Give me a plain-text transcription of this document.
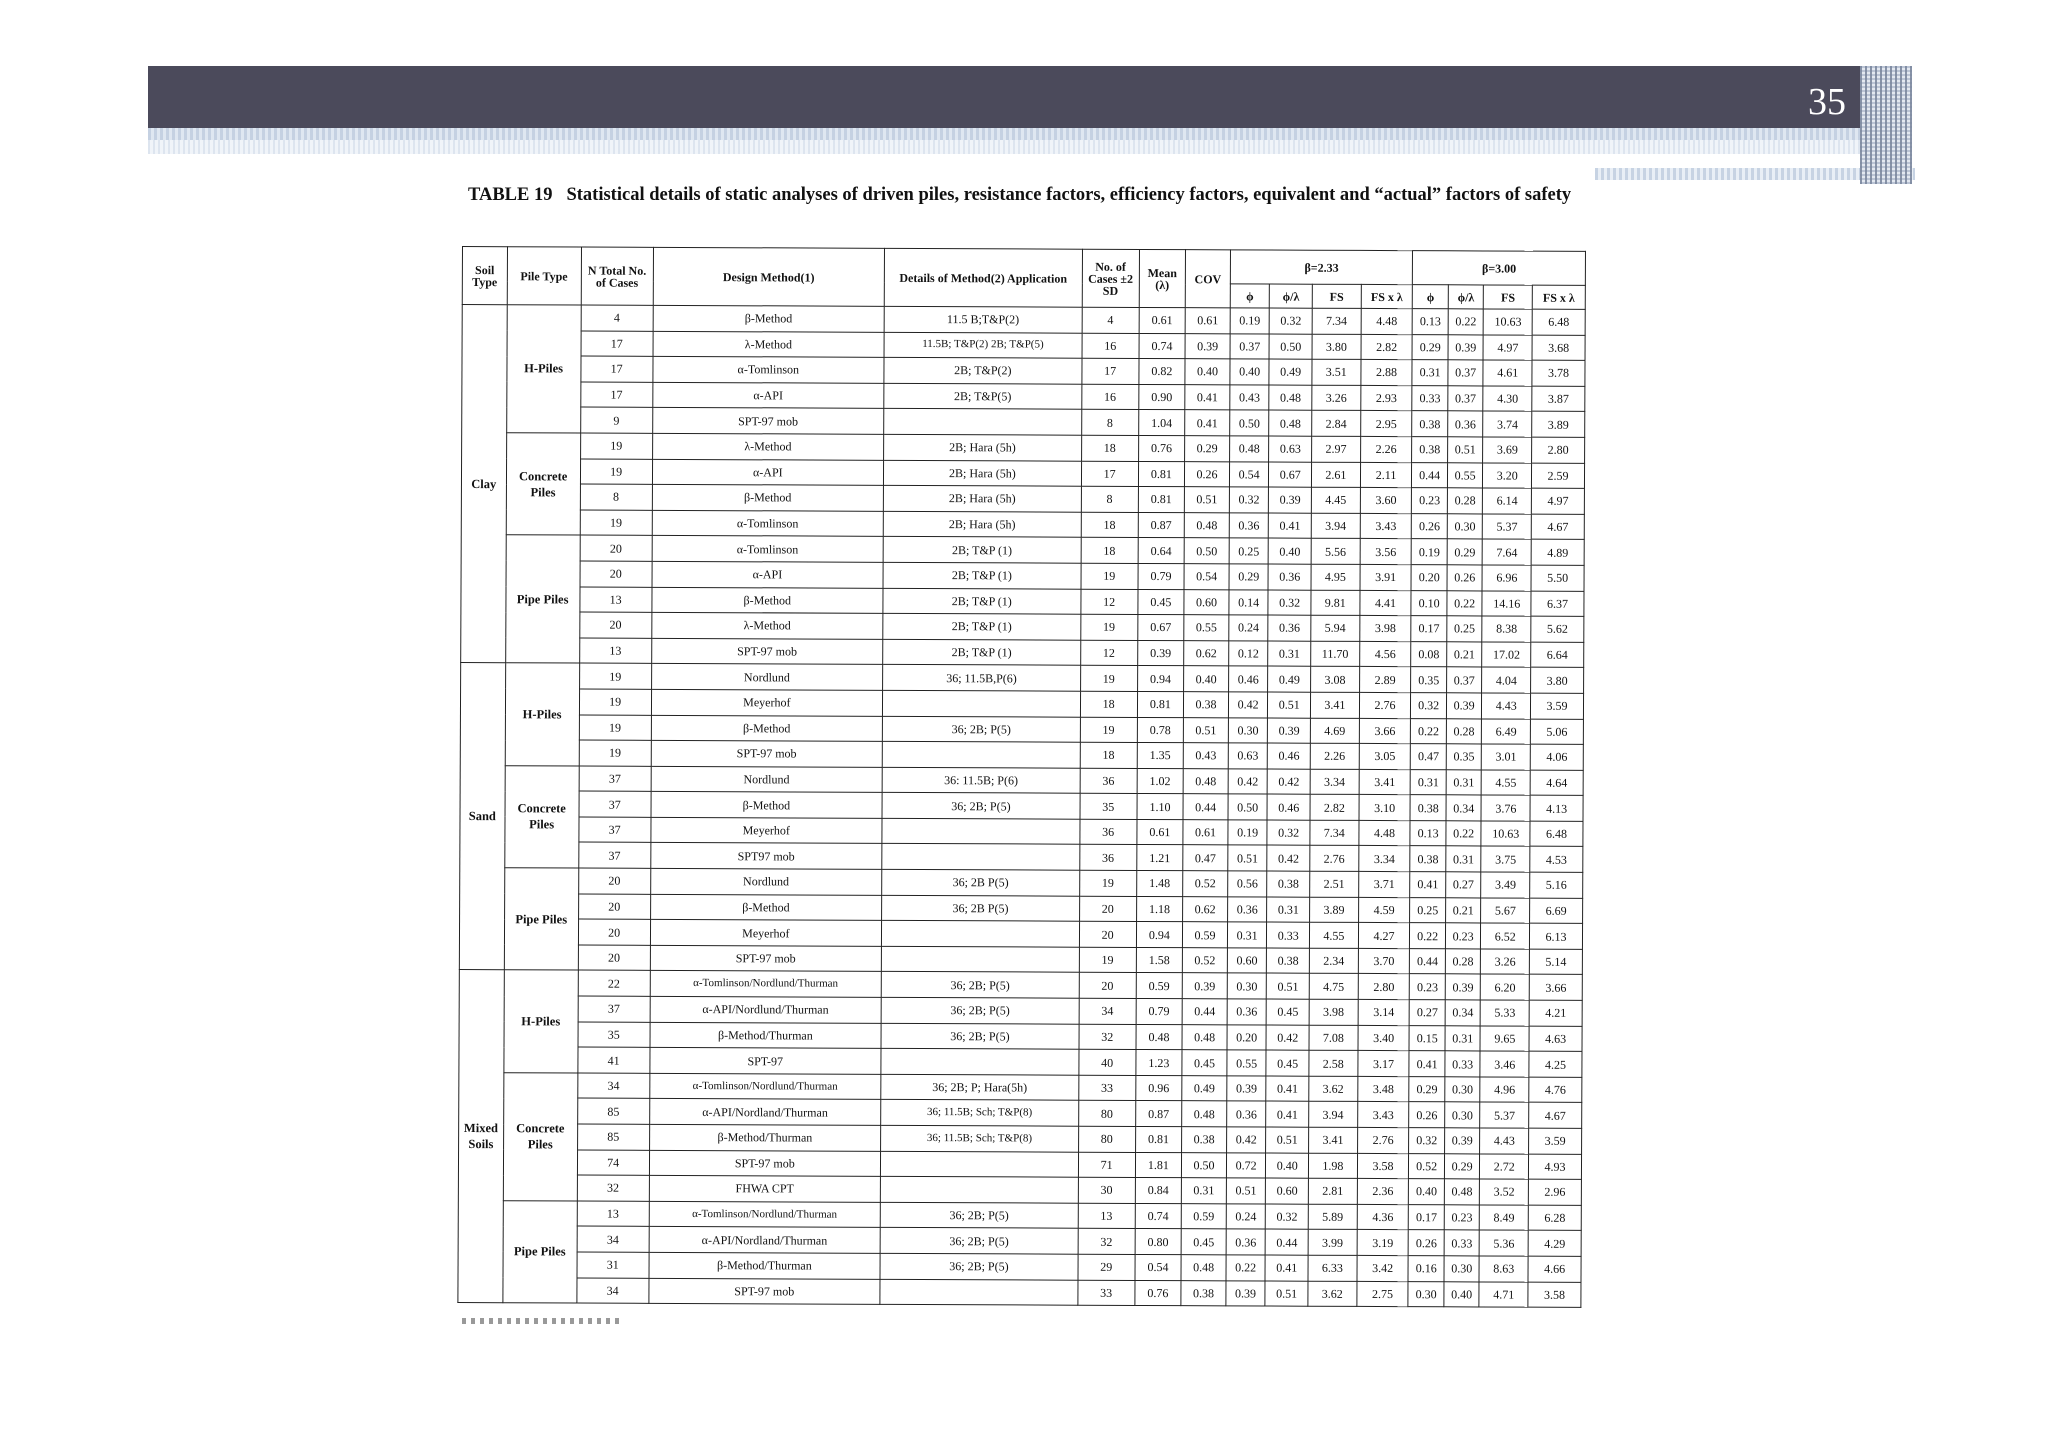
35
TABLE 19 Statistical details of static analyses of driven piles, resistance factors, efficiency factors, equivalent and “actual” factors of safety
Soil Type	Pile Type	N Total No. of Cases	Design Method(1)	Details of Method(2) Application	No. of Cases ±2 SD	Mean (λ)	COV	β=2.33				β=3.00			
								ϕ	ϕ/λ	FS	FS x λ	ϕ	ϕ/λ	FS	FS x λ
Clay	H-Piles	4	β-Method	11.5 B;T&P(2)	4	0.61	0.61	0.19	0.32	7.34	4.48	0.13	0.22	10.63	6.48
		17	λ-Method	11.5B; T&P(2) 2B; T&P(5)	16	0.74	0.39	0.37	0.50	3.80	2.82	0.29	0.39	4.97	3.68
		17	α-Tomlinson	2B; T&P(2)	17	0.82	0.40	0.40	0.49	3.51	2.88	0.31	0.37	4.61	3.78
		17	α-API	2B; T&P(5)	16	0.90	0.41	0.43	0.48	3.26	2.93	0.33	0.37	4.30	3.87
		9	SPT-97 mob		8	1.04	0.41	0.50	0.48	2.84	2.95	0.38	0.36	3.74	3.89
	Concrete Piles	19	λ-Method	2B; Hara (5h)	18	0.76	0.29	0.48	0.63	2.97	2.26	0.38	0.51	3.69	2.80
		19	α-API	2B; Hara (5h)	17	0.81	0.26	0.54	0.67	2.61	2.11	0.44	0.55	3.20	2.59
		8	β-Method	2B; Hara (5h)	8	0.81	0.51	0.32	0.39	4.45	3.60	0.23	0.28	6.14	4.97
		19	α-Tomlinson	2B; Hara (5h)	18	0.87	0.48	0.36	0.41	3.94	3.43	0.26	0.30	5.37	4.67
	Pipe Piles	20	α-Tomlinson	2B; T&P (1)	18	0.64	0.50	0.25	0.40	5.56	3.56	0.19	0.29	7.64	4.89
		20	α-API	2B; T&P (1)	19	0.79	0.54	0.29	0.36	4.95	3.91	0.20	0.26	6.96	5.50
		13	β-Method	2B; T&P (1)	12	0.45	0.60	0.14	0.32	9.81	4.41	0.10	0.22	14.16	6.37
		20	λ-Method	2B; T&P (1)	19	0.67	0.55	0.24	0.36	5.94	3.98	0.17	0.25	8.38	5.62
		13	SPT-97 mob	2B; T&P (1)	12	0.39	0.62	0.12	0.31	11.70	4.56	0.08	0.21	17.02	6.64
Sand	H-Piles	19	Nordlund	36; 11.5B,P(6)	19	0.94	0.40	0.46	0.49	3.08	2.89	0.35	0.37	4.04	3.80
		19	Meyerhof		18	0.81	0.38	0.42	0.51	3.41	2.76	0.32	0.39	4.43	3.59
		19	β-Method	36; 2B; P(5)	19	0.78	0.51	0.30	0.39	4.69	3.66	0.22	0.28	6.49	5.06
		19	SPT-97 mob		18	1.35	0.43	0.63	0.46	2.26	3.05	0.47	0.35	3.01	4.06
	Concrete Piles	37	Nordlund	36: 11.5B; P(6)	36	1.02	0.48	0.42	0.42	3.34	3.41	0.31	0.31	4.55	4.64
		37	β-Method	36; 2B; P(5)	35	1.10	0.44	0.50	0.46	2.82	3.10	0.38	0.34	3.76	4.13
		37	Meyerhof		36	0.61	0.61	0.19	0.32	7.34	4.48	0.13	0.22	10.63	6.48
		37	SPT97 mob		36	1.21	0.47	0.51	0.42	2.76	3.34	0.38	0.31	3.75	4.53
	Pipe Piles	20	Nordlund	36; 2B P(5)	19	1.48	0.52	0.56	0.38	2.51	3.71	0.41	0.27	3.49	5.16
		20	β-Method	36; 2B P(5)	20	1.18	0.62	0.36	0.31	3.89	4.59	0.25	0.21	5.67	6.69
		20	Meyerhof		20	0.94	0.59	0.31	0.33	4.55	4.27	0.22	0.23	6.52	6.13
		20	SPT-97 mob		19	1.58	0.52	0.60	0.38	2.34	3.70	0.44	0.28	3.26	5.14
Mixed Soils	H-Piles	22	α-Tomlinson/Nordlund/Thurman	36; 2B; P(5)	20	0.59	0.39	0.30	0.51	4.75	2.80	0.23	0.39	6.20	3.66
		37	α-API/Nordlund/Thurman	36; 2B; P(5)	34	0.79	0.44	0.36	0.45	3.98	3.14	0.27	0.34	5.33	4.21
		35	β-Method/Thurman	36; 2B; P(5)	32	0.48	0.48	0.20	0.42	7.08	3.40	0.15	0.31	9.65	4.63
		41	SPT-97		40	1.23	0.45	0.55	0.45	2.58	3.17	0.41	0.33	3.46	4.25
	Concrete Piles	34	α-Tomlinson/Nordlund/Thurman	36; 2B; P; Hara(5h)	33	0.96	0.49	0.39	0.41	3.62	3.48	0.29	0.30	4.96	4.76
		85	α-API/Nordland/Thurman	36; 11.5B; Sch; T&P(8)	80	0.87	0.48	0.36	0.41	3.94	3.43	0.26	0.30	5.37	4.67
		85	β-Method/Thurman	36; 11.5B; Sch; T&P(8)	80	0.81	0.38	0.42	0.51	3.41	2.76	0.32	0.39	4.43	3.59
		74	SPT-97 mob		71	1.81	0.50	0.72	0.40	1.98	3.58	0.52	0.29	2.72	4.93
		32	FHWA CPT		30	0.84	0.31	0.51	0.60	2.81	2.36	0.40	0.48	3.52	2.96
	Pipe Piles	13	α-Tomlinson/Nordlund/Thurman	36; 2B; P(5)	13	0.74	0.59	0.24	0.32	5.89	4.36	0.17	0.23	8.49	6.28
		34	α-API/Nordland/Thurman	36; 2B; P(5)	32	0.80	0.45	0.36	0.44	3.99	3.19	0.26	0.33	5.36	4.29
		31	β-Method/Thurman	36; 2B; P(5)	29	0.54	0.48	0.22	0.41	6.33	3.42	0.16	0.30	8.63	4.66
		34	SPT-97 mob		33	0.76	0.38	0.39	0.51	3.62	2.75	0.30	0.40	4.71	3.58
